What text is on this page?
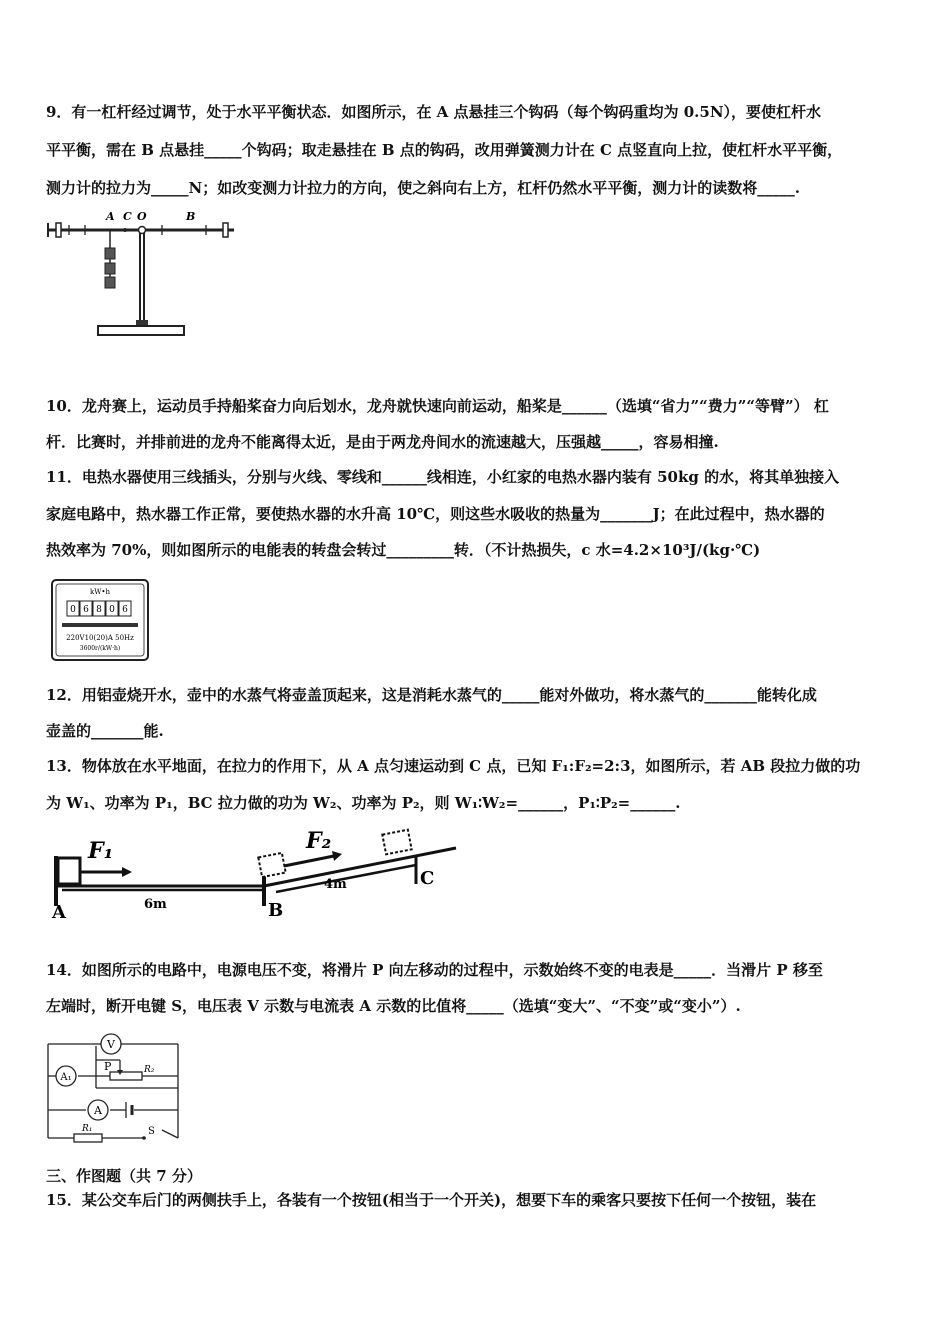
9．有一杠杆经过调节，处于水平平衡状态．如图所示，在 A 点悬挂三个钩码（每个钩码重均为 0.5N），要使杠杆水
平平衡，需在 B 点悬挂_____个钩码；取走悬挂在 B 点的钩码，改用弹簧测力计在 C 点竖直向上拉，使杠杆水平平衡，
测力计的拉力为_____N；如改变测力计拉力的方向，使之斜向右上方，杠杆仍然水平平衡，测力计的读数将_____.
A C O	B
10．龙舟赛上，运动员手持船桨奋力向后划水，龙舟就快速向前运动，船桨是______（选填“省力”“费力”“等臂”） 杠
杆．比赛时，并排前进的龙舟不能离得太近，是由于两龙舟间水的流速越大，压强越_____，容易相撞.
11．电热水器使用三线插头，分别与火线、零线和______线相连，小红家的电热水器内装有 50kg 的水，将其单独接入
家庭电路中，热水器工作正常，要使热水器的水升高 10℃，则这些水吸收的热量为_______J；在此过程中，热水器的
热效率为 70%，则如图所示的电能表的转盘会转过_________转．（不计热损失，c 水=4.2×10³J/(kg·℃)
kW•h
0 6 8 0 6
220V10(20)A 50Hz
3600r/(kW·h)
12．用铝壶烧开水，壶中的水蒸气将壶盖顶起来，这是消耗水蒸气的_____能对外做功，将水蒸气的_______能转化成
壶盖的_______能.
13．物体放在水平地面，在拉力的作用下，从 A 点匀速运动到 C 点，已知 F₁:F₂=2:3，如图所示，若 AB 段拉力做的功
为 W₁、功率为 P₁，BC 拉力做的功为 W₂、功率为 P₂，则 W₁∶W₂=______，P₁∶P₂=______.
F₁
6m
A	B
F₂
4m	C
14．如图所示的电路中，电源电压不变，将滑片 P 向左移动的过程中，示数始终不变的电表是_____．当滑片 P 移至
左端时，断开电键 S，电压表 V 示数与电流表 A 示数的比值将_____（选填“变大”、“不变”或“变小”）.
V
A₁
P	R₂
A
R₁	S
三、作图题（共 7 分）
15．某公交车后门的两侧扶手上，各装有一个按钮(相当于一个开关)，想要下车的乘客只要按下任何一个按钮，装在
